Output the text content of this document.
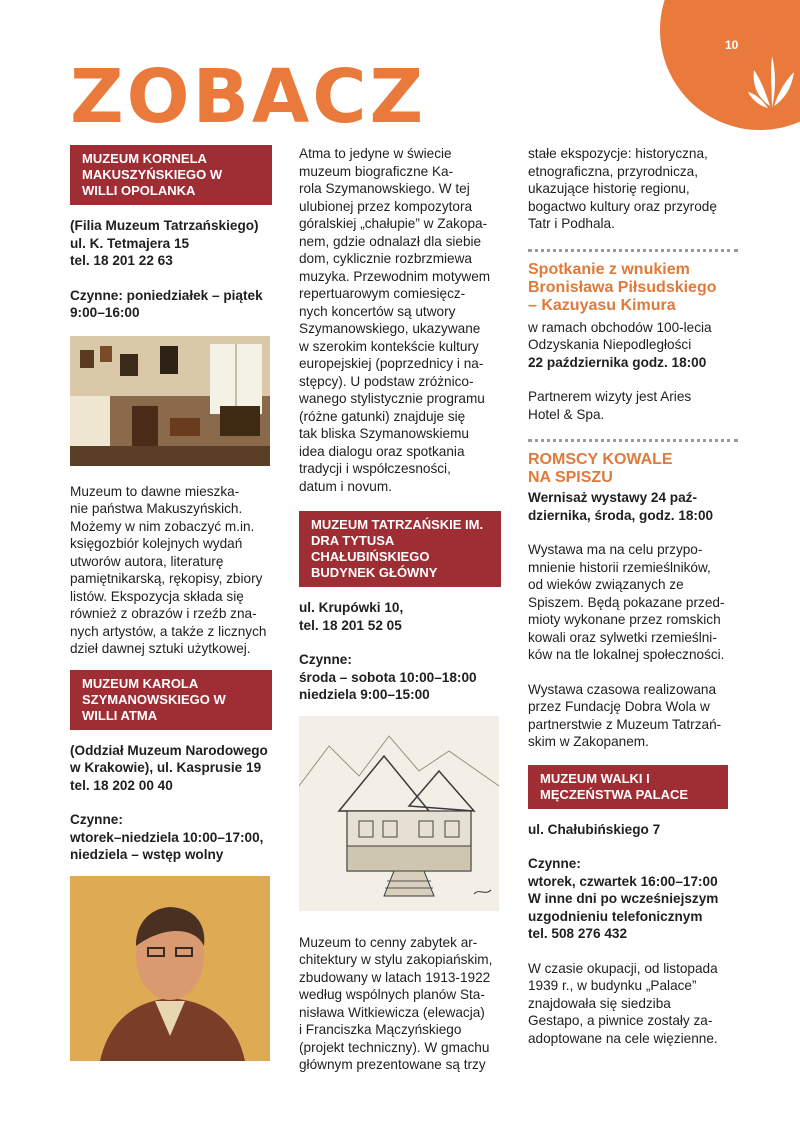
10
ZOBACZ
MUZEUM KORNELA MAKUSZYŃSKIEGO W WILLI OPOLANKA

(Filia Muzeum Tatrzańskiego)

ul. K. Tetmajera 15

tel. 18 201 22 63

Czynne: poniedziałek – piątek

9:00–16:00

Muzeum to dawne mieszka-

nie państwa Makuszyńskich.

Możemy w nim zobaczyć m.in.

księgozbiór kolejnych wydań

utworów autora, literaturę

pamiętnikarską, rękopisy, zbiory

listów. Ekspozycja składa się

również z obrazów i rzeźb zna-

nych artystów, a także z licznych

dzieł dawnej sztuki użytkowej.

MUZEUM KAROLA SZYMANOWSKIEGO W WILLI ATMA

(Oddział Muzeum Narodowego

w Krakowie), ul. Kasprusie 19

tel. 18 202 00 40

Czynne:

wtorek–niedziela 10:00–17:00,

niedziela – wstęp wolny

Atma to jedyne w świecie

muzeum biograficzne Ka-

rola Szymanowskiego. W tej

ulubionej przez kompozytora

góralskiej „chałupie” w Zakopa-

nem, gdzie odnalazł dla siebie

dom, cyklicznie rozbrzmiewa

muzyka. Przewodnim motywem

repertuarowym comiesięcz-

nych koncertów są utwory

Szymanowskiego, ukazywane

w szerokim kontekście kultury

europejskiej (poprzednicy i na-

stępcy). U podstaw zróżnico-

wanego stylistycznie programu

(różne gatunki) znajduje się

tak bliska Szymanowskiemu

idea dialogu oraz spotkania

tradycji i współczesności,

datum i novum.

MUZEUM TATRZAŃSKIE IM. DRA TYTUSA CHAŁUBIŃSKIEGO BUDYNEK GŁÓWNY

ul. Krupówki 10,

tel. 18 201 52 05

Czynne:

środa – sobota 10:00–18:00

niedziela 9:00–15:00

Muzeum to cenny zabytek ar-

chitektury w stylu zakopiańskim,

zbudowany w latach 1913-1922

według wspólnych planów Sta-

nisława Witkiewicza (elewacja)

i Franciszka Mączyńskiego

(projekt techniczny). W gmachu

głównym prezentowane są trzy

stałe ekspozycje: historyczna,

etnograficzna, przyrodnicza,

ukazujące historię regionu,

bogactwo kultury oraz przyrodę

Tatr i Podhala.

Spotkanie z wnukiem

Bronisława Piłsudskiego

– Kazuyasu Kimura

w ramach obchodów 100-lecia

Odzyskania Niepodległości

22 października godz. 18:00

Partnerem wizyty jest Aries

Hotel & Spa.

ROMSCY KOWALE

NA SPISZU

Wernisaż wystawy 24 paź-

dziernika, środa, godz. 18:00

Wystawa ma na celu przypo-

mnienie historii rzemieślników,

od wieków związanych ze

Spiszem. Będą pokazane przed-

mioty wykonane przez romskich

kowali oraz sylwetki rzemieślni-

ków na tle lokalnej społeczności.

Wystawa czasowa realizowana

przez Fundację Dobra Wola w

partnerstwie z Muzeum Tatrzań-

skim w Zakopanem.

MUZEUM WALKI I MĘCZEŃSTWA PALACE

ul. Chałubińskiego 7

Czynne:

wtorek, czwartek 16:00–17:00

W inne dni po wcześniejszym

uzgodnieniu telefonicznym

tel. 508 276 432

W czasie okupacji, od listopada

1939 r., w budynku „Palace”

znajdowała się siedziba

Gestapo, a piwnice zostały za-

adoptowane na cele więzienne.
